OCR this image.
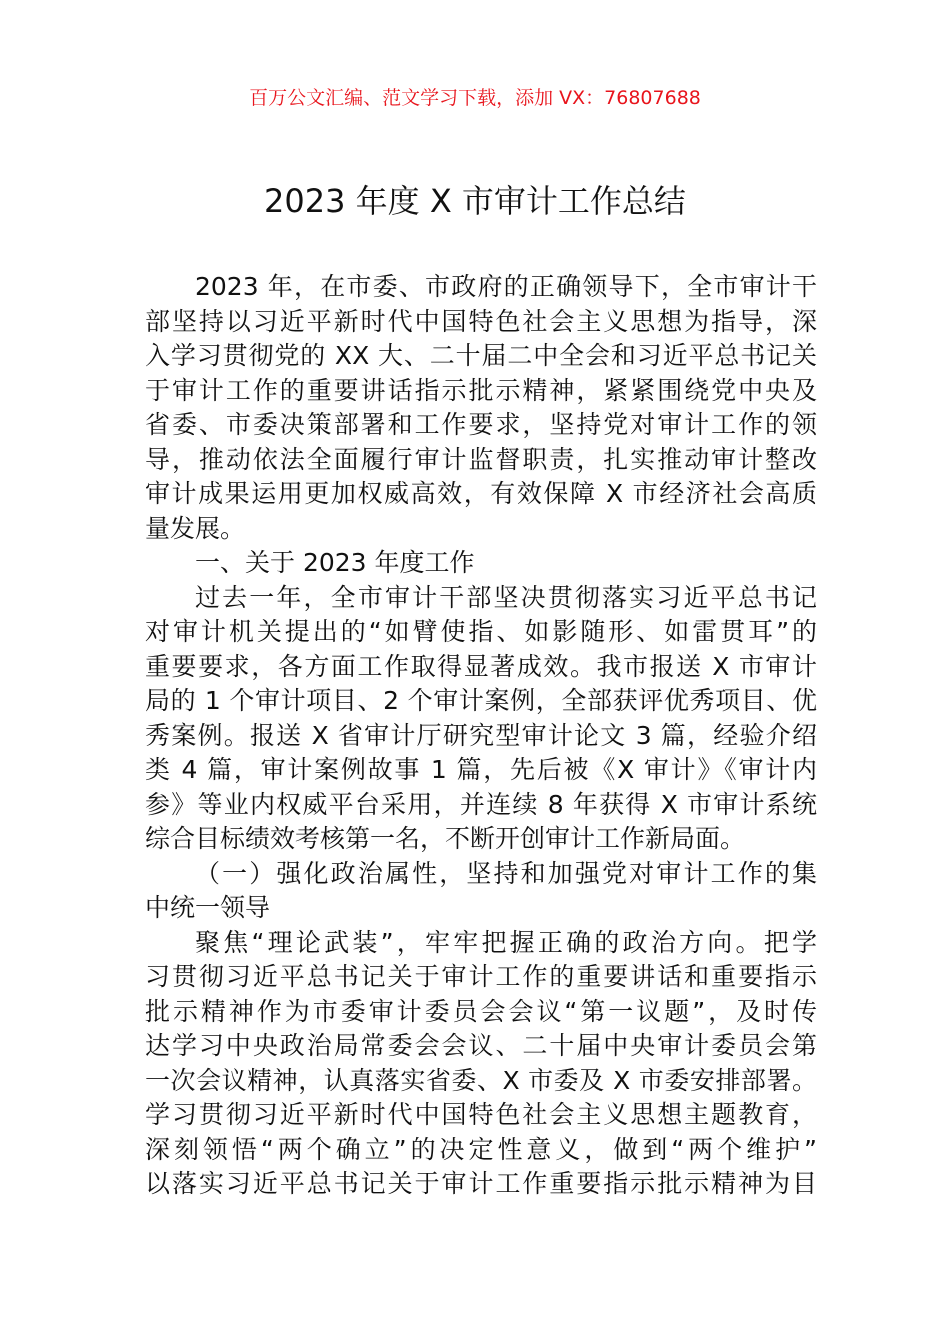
百万公文汇编、范文学习下载，添加 VX：76807688
2023 年度 X 市审计工作总结
2023 年，在市委、市政府的正确领导下，全市审计干
部坚持以习近平新时代中国特色社会主义思想为指导，深
入学习贯彻党的 XX 大、二十届二中全会和习近平总书记关
于审计工作的重要讲话指示批示精神，紧紧围绕党中央及
省委、市委决策部署和工作要求，坚持党对审计工作的领
导，推动依法全面履行审计监督职责，扎实推动审计整改
审计成果运用更加权威高效，有效保障 X 市经济社会高质
量发展。
一、关于 2023 年度工作
过去一年，全市审计干部坚决贯彻落实习近平总书记
对审计机关提出的“如臂使指、如影随形、如雷贯耳”的
重要要求，各方面工作取得显著成效。我市报送 X 市审计
局的 1 个审计项目、2 个审计案例，全部获评优秀项目、优
秀案例。报送 X 省审计厅研究型审计论文 3 篇，经验介绍
类 4 篇，审计案例故事 1 篇，先后被《X 审计》《审计内
参》等业内权威平台采用，并连续 8 年获得 X 市审计系统
综合目标绩效考核第一名，不断开创审计工作新局面。
（一）强化政治属性，坚持和加强党对审计工作的集
中统一领导
聚焦“理论武装”，牢牢把握正确的政治方向。把学
习贯彻习近平总书记关于审计工作的重要讲话和重要指示
批示精神作为市委审计委员会会议“第一议题”，及时传
达学习中央政治局常委会会议、二十届中央审计委员会第
一次会议精神，认真落实省委、X 市委及 X 市委安排部署。
学习贯彻习近平新时代中国特色社会主义思想主题教育，
深刻领悟“两个确立”的决定性意义，做到“两个维护”
以落实习近平总书记关于审计工作重要指示批示精神为目
